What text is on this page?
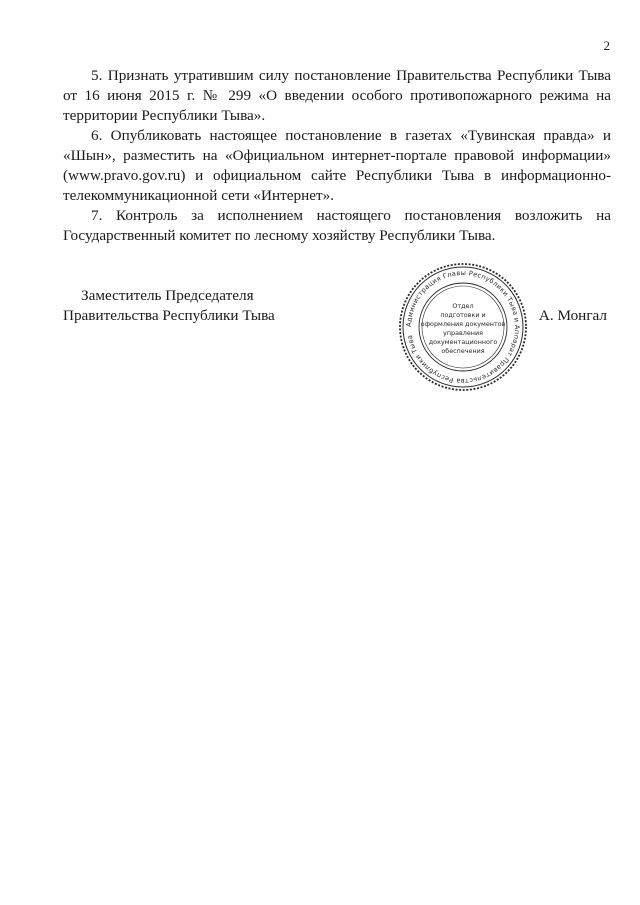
2

5. Признать утратившим силу постановление Правительства Республики Тыва от 16 июня 2015 г. № 299 «О введении особого противопожарного режима на территории Республики Тыва».

6. Опубликовать настоящее постановление в газетах «Тувинская правда» и «Шын», разместить на «Официальном интернет-портале правовой информации» (www.pravo.gov.ru) и официальном сайте Республики Тыва в информационно-телекоммуникационной сети «Интернет».

7. Контроль за исполнением настоящего постановления возложить на Государственный комитет по лесному хозяйству Республики Тыва.

Заместитель Председателя
Правительства Республики Тыва	А. Монгал
Администрация Главы Республики Тыва и Аппарат Правительства Республики Тыва
Отдел
подготовки и
оформления документов
управления
документационного
обеспечения
